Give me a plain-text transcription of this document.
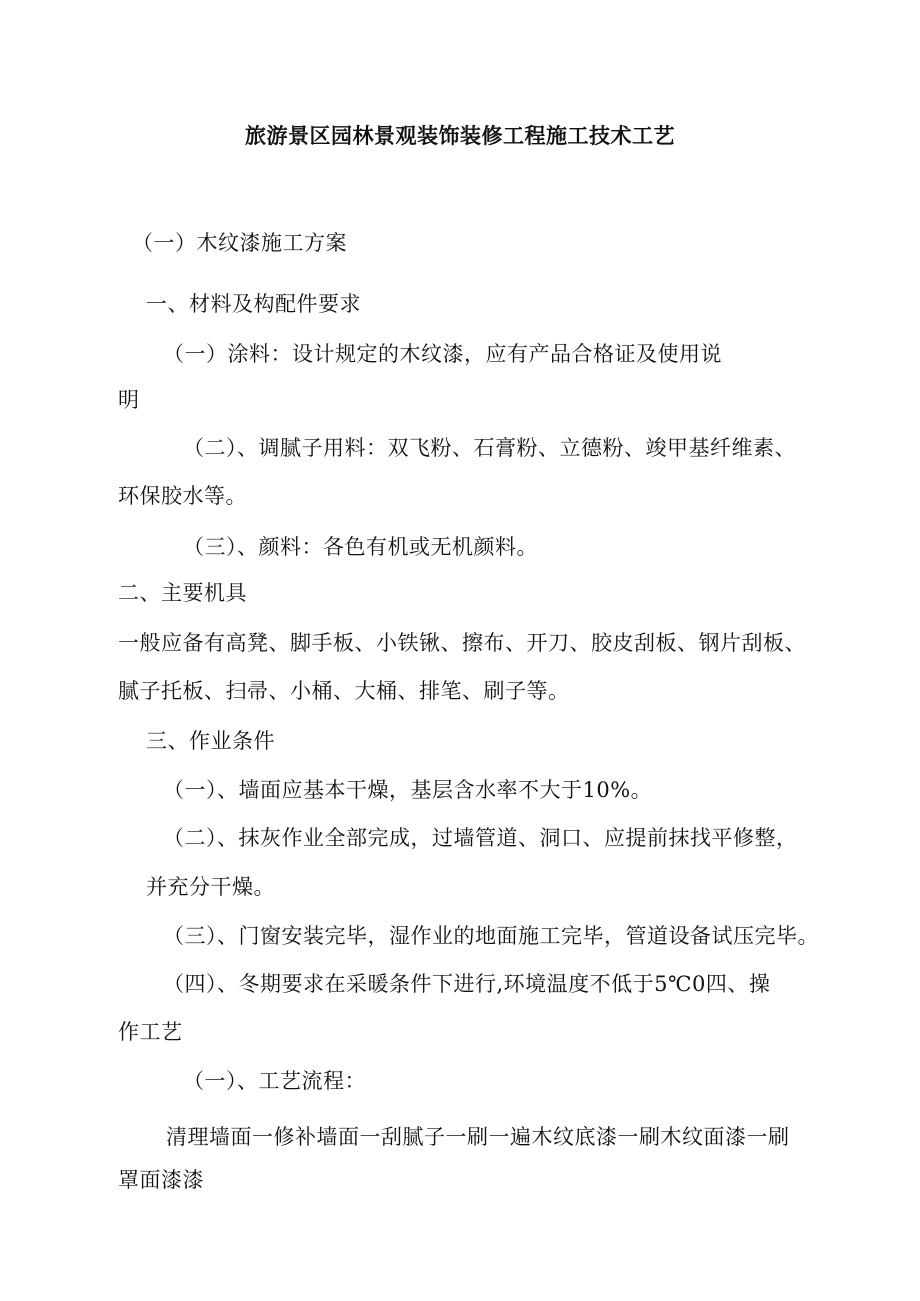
旅游景区园林景观装饰装修工程施工技术工艺
（一）木纹漆施工方案
一、材料及构配件要求
（一）涂料：设计规定的木纹漆，应有产品合格证及使用说
明
（二）、调腻子用料：双飞粉、石膏粉、立德粉、竣甲基纤维素、
环保胶水等。
（三）、颜料：各色有机或无机颜料。
二、主要机具
一般应备有高凳、脚手板、小铁锹、擦布、开刀、胶皮刮板、钢片刮板、
腻子托板、扫帚、小桶、大桶、排笔、刷子等。
三、作业条件
（一）、墙面应基本干燥，基层含水率不大于10%。
（二）、抹灰作业全部完成，过墙管道、洞口、应提前抹找平修整，
并充分干燥。
（三）、门窗安装完毕，湿作业的地面施工完毕，管道设备试压完毕。
（四）、冬期要求在采暖条件下进行,环境温度不低于5℃0四、操
作工艺
（一）、工艺流程：
清理墙面一修补墙面一刮腻子一刷一遍木纹底漆一刷木纹面漆一刷
罩面漆漆
